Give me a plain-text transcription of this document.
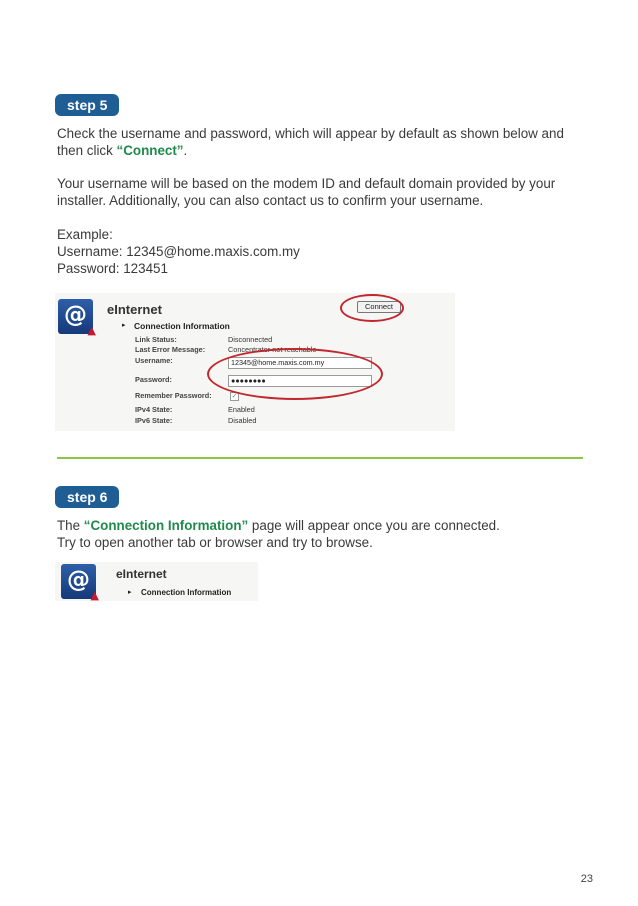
step 5

Check the username and password, which will appear by default as shown below and then click “Connect”.

Your username will be based on the modem ID and default domain provided by your installer. Additionally, you can also contact us to confirm your username.

Example:

Username: 12345@home.maxis.com.my

Password: 123451

@
▲
eInternet	Connect
▸ Connection Information
Link Status:	Disconnected
Last Error Message:	Concentrator not reachable
Username:	12345@home.maxis.com.my
Password:	●●●●●●●●
Remember Password:	✓
IPv4 State:	Enabled
IPv6 State:	Disabled
step 6

The “Connection Information” page will appear once you are connected.

Try to open another tab or browser and try to browse.

@
▲
eInternet
▸ Connection Information
23
